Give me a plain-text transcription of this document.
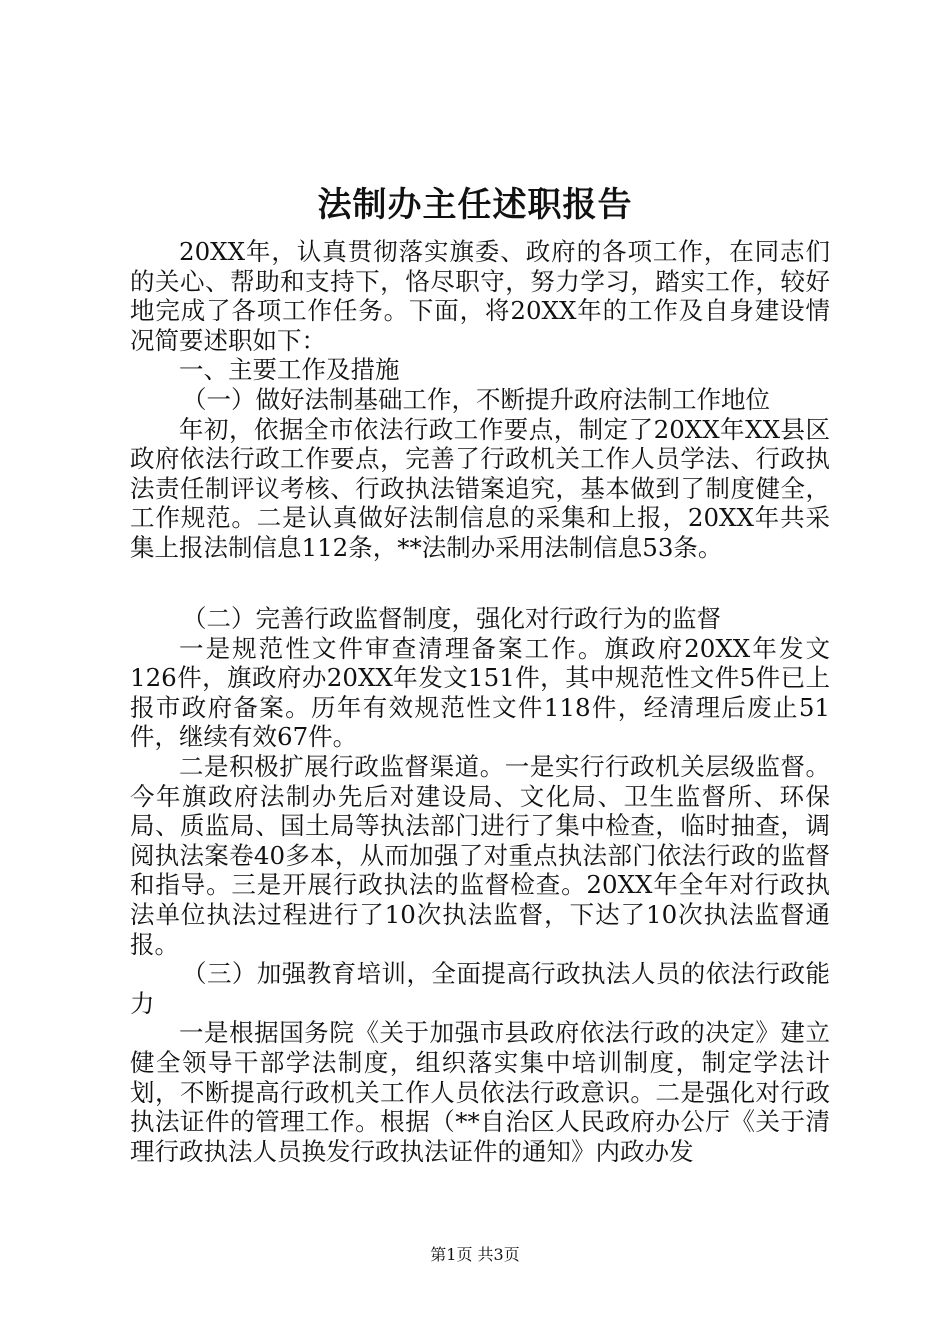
法制办主任述职报告

20XX年，认真贯彻落实旗委、政府的各项工作，在同志们的关心、帮助和支持下，恪尽职守，努力学习，踏实工作，较好地完成了各项工作任务。下面，将20XX年的工作及自身建设情况简要述职如下：

一、主要工作及措施

（一）做好法制基础工作，不断提升政府法制工作地位

年初，依据全市依法行政工作要点，制定了20XX年XX县区政府依法行政工作要点，完善了行政机关工作人员学法、行政执法责任制评议考核、行政执法错案追究，基本做到了制度健全，工作规范。二是认真做好法制信息的采集和上报，20XX年共采集上报法制信息112条，**法制办采用法制信息53条。

（二）完善行政监督制度，强化对行政行为的监督

一是规范性文件审查清理备案工作。旗政府20XX年发文126件，旗政府办20XX年发文151件，其中规范性文件5件已上报市政府备案。历年有效规范性文件118件，经清理后废止51件，继续有效67件。

二是积极扩展行政监督渠道。一是实行行政机关层级监督。今年旗政府法制办先后对建设局、文化局、卫生监督所、环保局、质监局、国土局等执法部门进行了集中检查，临时抽查，调阅执法案卷40多本，从而加强了对重点执法部门依法行政的监督和指导。三是开展行政执法的监督检查。20XX年全年对行政执法单位执法过程进行了10次执法监督，下达了10次执法监督通报。

（三）加强教育培训，全面提高行政执法人员的依法行政能力

一是根据国务院《关于加强市县政府依法行政的决定》建立健全领导干部学法制度，组织落实集中培训制度，制定学法计划，不断提高行政机关工作人员依法行政意识。二是强化对行政执法证件的管理工作。根据（**自治区人民政府办公厅《关于清理行政执法人员换发行政执法证件的通知》内政办发

第1页 共3页
